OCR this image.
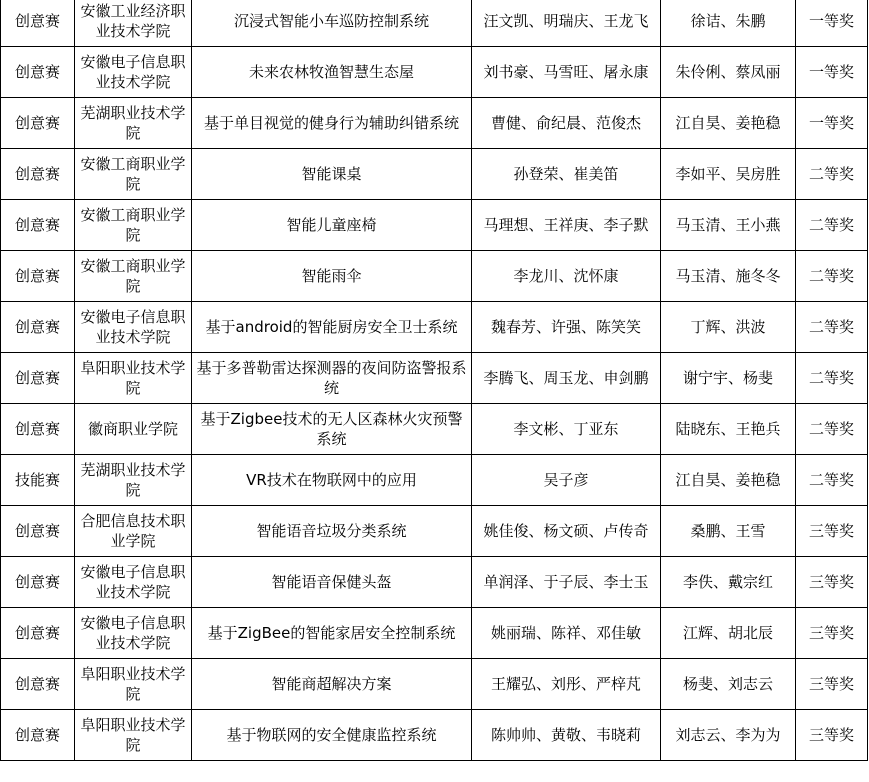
创意赛	安徽工业经济职业技术学院	沉浸式智能小车巡防控制系统	汪文凯、明瑞庆、王龙飞	徐诘、朱鹏	一等奖
创意赛	安徽电子信息职业技术学院	未来农林牧渔智慧生态屋	刘书豪、马雪旺、屠永康	朱伶俐、蔡凤丽	一等奖
创意赛	芜湖职业技术学院	基于单目视觉的健身行为辅助纠错系统	曹健、俞纪晨、范俊杰	江自昊、姜艳稳	一等奖
创意赛	安徽工商职业学院	智能课桌	孙登荣、崔美笛	李如平、吴房胜	二等奖
创意赛	安徽工商职业学院	智能儿童座椅	马理想、王祥庚、李子默	马玉清、王小燕	二等奖
创意赛	安徽工商职业学院	智能雨伞	李龙川、沈怀康	马玉清、施冬冬	二等奖
创意赛	安徽电子信息职业技术学院	基于android的智能厨房安全卫士系统	魏春芳、许强、陈笑笑	丁辉、洪波	二等奖
创意赛	阜阳职业技术学院	基于多普勒雷达探测器的夜间防盗警报系统	李腾飞、周玉龙、申剑鹏	谢宁宇、杨斐	二等奖
创意赛	徽商职业学院	基于Zigbee技术的无人区森林火灾预警系统	李文彬、丁亚东	陆晓东、王艳兵	二等奖
技能赛	芜湖职业技术学院	VR技术在物联网中的应用	吴子彦	江自昊、姜艳稳	二等奖
创意赛	合肥信息技术职业学院	智能语音垃圾分类系统	姚佳俊、杨文硕、卢传奇	桑鹏、王雪	三等奖
创意赛	安徽电子信息职业技术学院	智能语音保健头盔	单润泽、于子辰、李士玉	李佚、戴宗红	三等奖
创意赛	安徽电子信息职业技术学院	基于ZigBee的智能家居安全控制系统	姚丽瑞、陈祥、邓佳敏	江辉、胡北辰	三等奖
创意赛	阜阳职业技术学院	智能商超解决方案	王耀弘、刘彤、严梓芃	杨斐、刘志云	三等奖
创意赛	阜阳职业技术学院	基于物联网的安全健康监控系统	陈帅帅、黄敬、韦晓莉	刘志云、李为为	三等奖
